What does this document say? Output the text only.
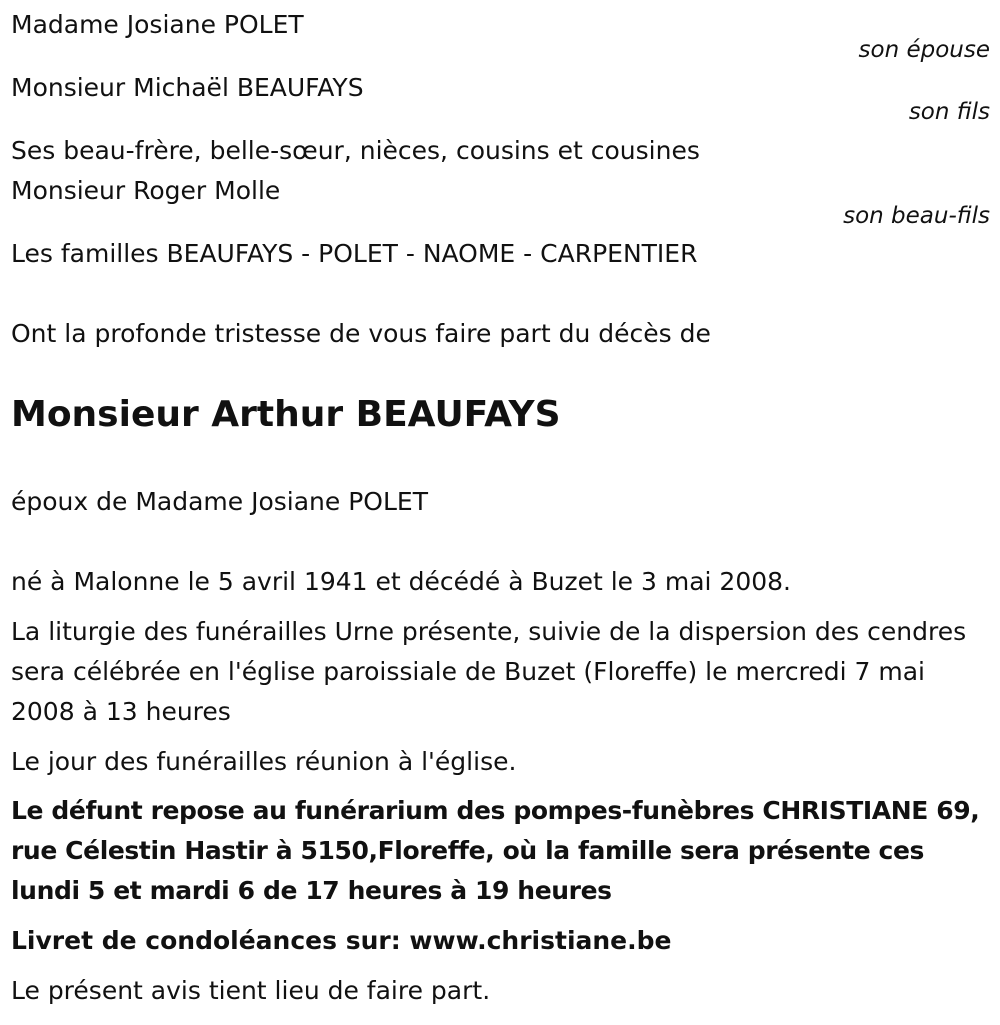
Madame Josiane POLET

son épouse

Monsieur Michaël BEAUFAYS

son fils

Ses beau-frère, belle-sœur, nièces, cousins et cousines

Monsieur Roger Molle

son beau-fils

Les familles BEAUFAYS - POLET - NAOME - CARPENTIER

Ont la profonde tristesse de vous faire part du décès de

Monsieur Arthur BEAUFAYS

époux de Madame Josiane POLET

né à Malonne le 5 avril 1941 et décédé à Buzet le 3 mai 2008.

La liturgie des funérailles Urne présente, suivie de la dispersion des cendres sera célébrée en l'église paroissiale de Buzet (Floreffe) le mercredi 7 mai 2008 à 13 heures

Le jour des funérailles réunion à l'église.

Le défunt repose au funérarium des pompes-funèbres CHRISTIANE 69, rue Célestin Hastir à 5150,Floreffe, où la famille sera présente ces lundi 5 et mardi 6 de 17 heures à 19 heures

Livret de condoléances sur: www.christiane.be

Le présent avis tient lieu de faire part.
